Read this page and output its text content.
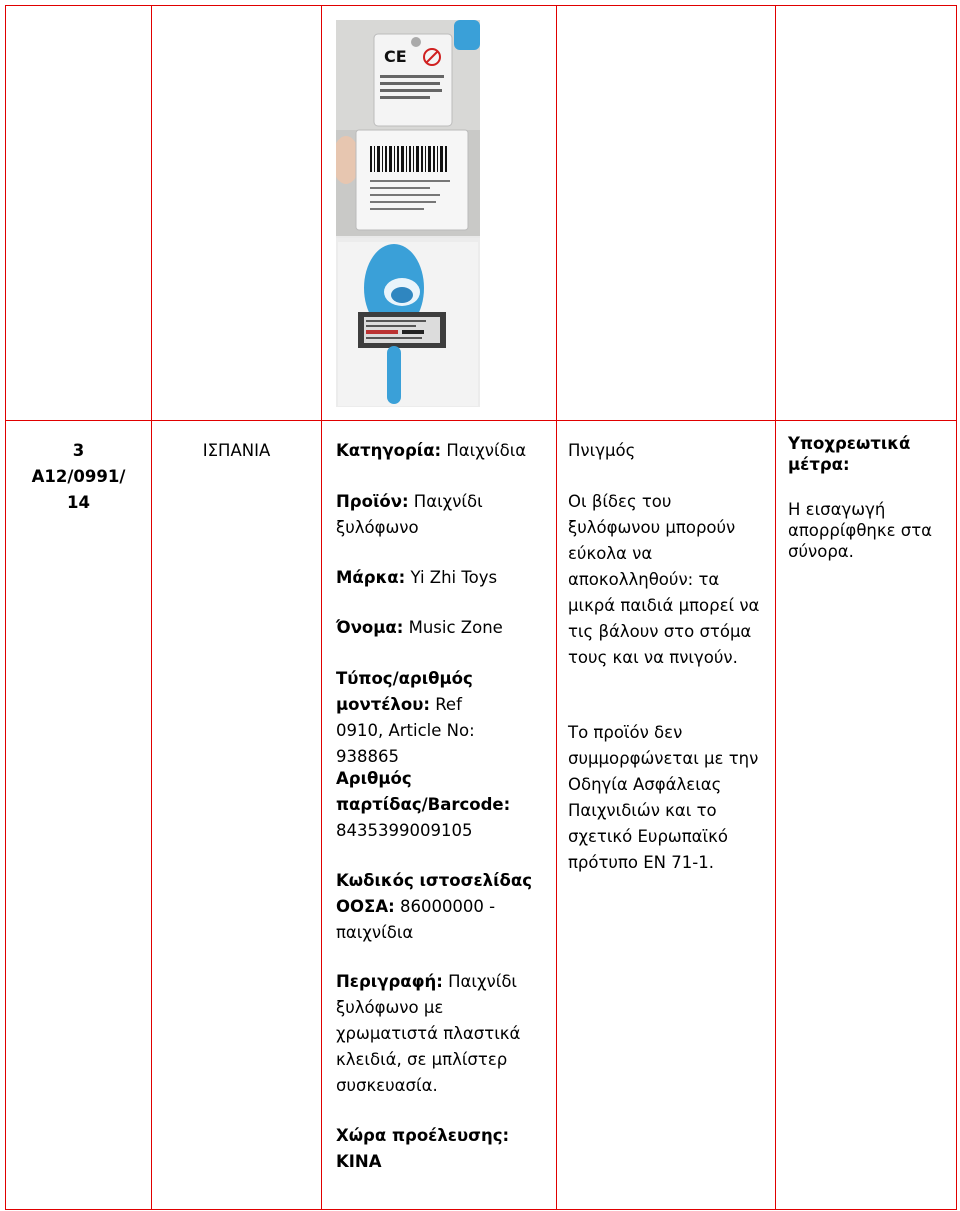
CE
3
A12/0991/
14
ΙΣΠΑΝΙΑ	Κατηγορία: Παιχνίδια
Προϊόν: Παιχνίδι ξυλόφωνο
Μάρκα: Yi Zhi Toys
Όνομα: Music Zone
Τύπος/αριθμός μοντέλου: Ref 0910, Article No: 938865
Αριθμός παρτίδας/Barcode: 8435399009105
Κωδικός ιστοσελίδας ΟΟΣΑ: 86000000 - παιχνίδια
Περιγραφή: Παιχνίδι ξυλόφωνο με χρωματιστά πλαστικά κλειδιά, σε μπλίστερ συσκευασία.
Χώρα προέλευσης:
ΚΙΝΑ
Πνιγμός
Οι βίδες του ξυλόφωνου μπορούν εύκολα να αποκολληθούν: τα μικρά παιδιά μπορεί να τις βάλουν στο στόμα τους και να πνιγούν.
Το προϊόν δεν συμμορφώνεται με την Οδηγία Ασφάλειας Παιχνιδιών και το σχετικό Ευρωπαϊκό πρότυπο EN 71-1.
Υποχρεωτικά μέτρα:
Η εισαγωγή απορρίφθηκε στα σύνορα.
